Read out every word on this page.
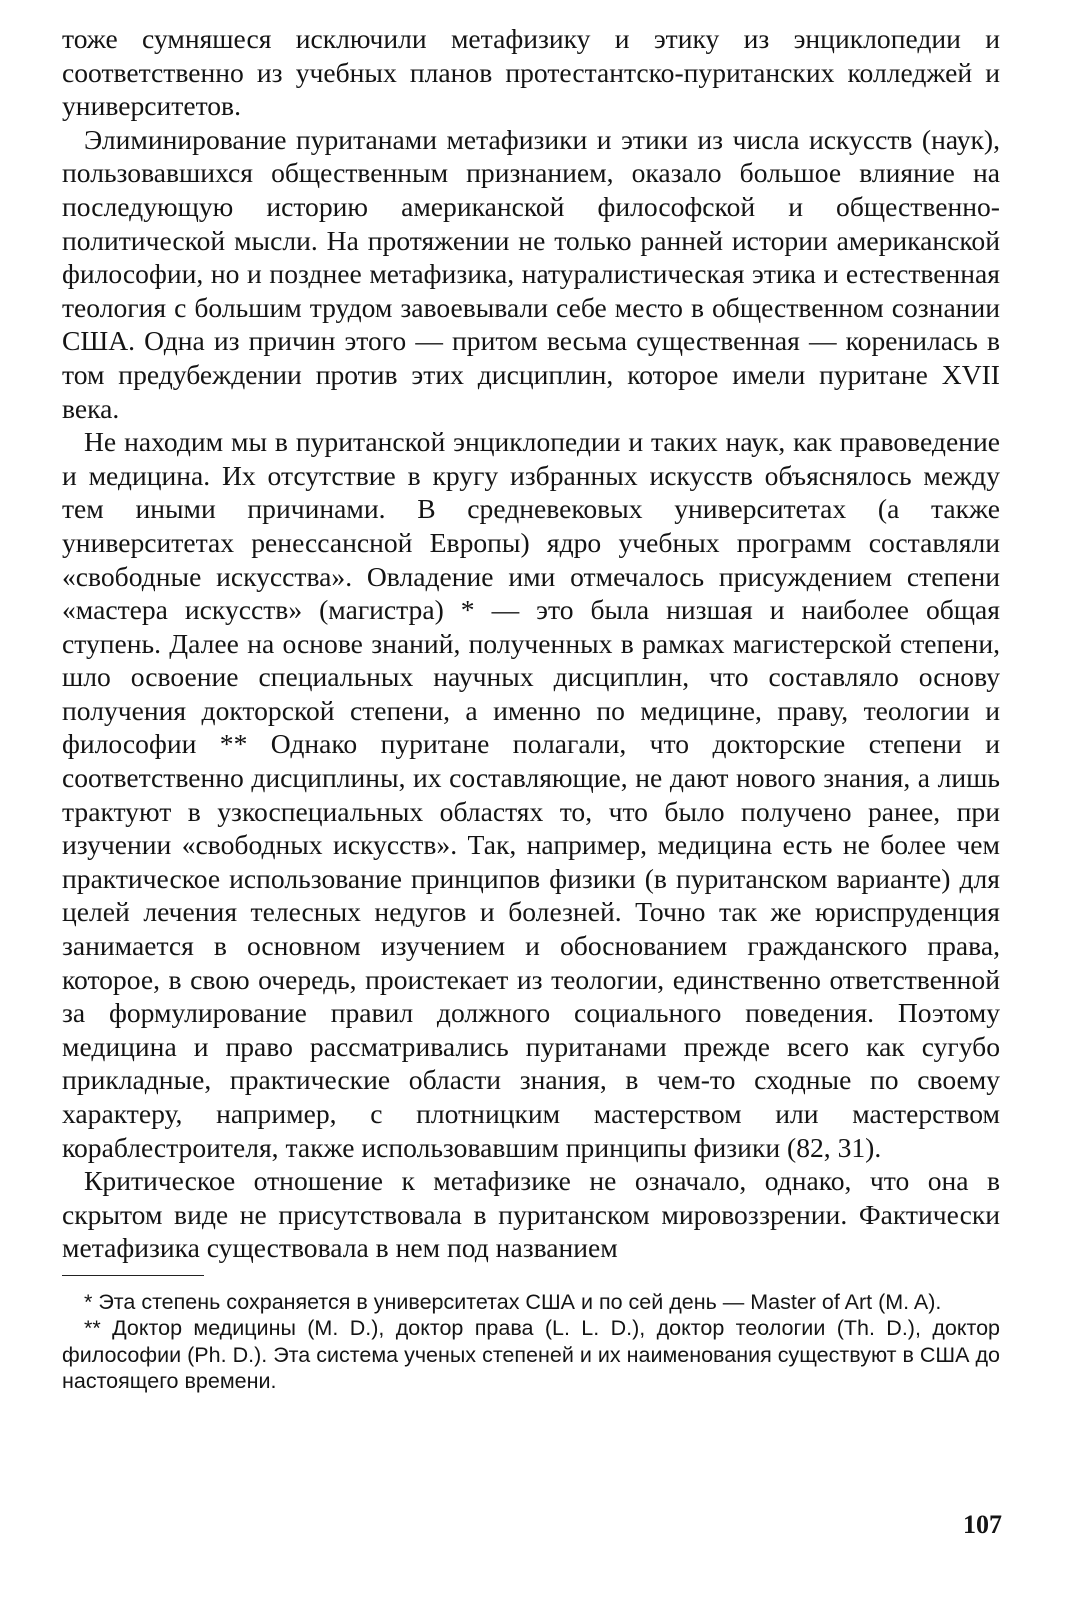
тоже сумняшеся исключили метафизику и этику из энциклопедии и соответственно из учебных планов протестантско-пуританских колледжей и университетов.

Элиминирование пуританами метафизики и этики из числа искусств (наук), пользовавшихся общественным признанием, оказало большое влияние на последующую историю американской философской и общественно-политической мысли. На протяжении не только ранней истории американской философии, но и позднее метафизика, натуралистическая этика и естественная теология с большим трудом завоевывали себе место в общественном сознании США. Одна из причин этого — притом весьма существенная — коренилась в том предубеждении против этих дисциплин, которое имели пуритане XVII века.

Не находим мы в пуританской энциклопедии и таких наук, как правоведение и медицина. Их отсутствие в кругу избранных искусств объяснялось между тем иными причинами. В средневековых университетах (а также университетах ренессансной Европы) ядро учебных программ составляли «свободные искусства». Овладение ими отмечалось присуждением степени «мастера искусств» (магистра) * — это была низшая и наиболее общая ступень. Далее на основе знаний, полученных в рамках магистерской степени, шло освоение специальных научных дисциплин, что составляло основу получения докторской степени, а именно по медицине, праву, теологии и философии ** Однако пуритане полагали, что докторские степени и соответственно дисциплины, их составляющие, не дают нового знания, а лишь трактуют в узкоспециальных областях то, что было получено ранее, при изучении «свободных искусств». Так, например, медицина есть не более чем практическое использование принципов физики (в пуританском варианте) для целей лечения телесных недугов и болезней. Точно так же юриспруденция занимается в основном изучением и обоснованием гражданского права, которое, в свою очередь, проистекает из теологии, единственно ответственной за формулирование правил должного социального поведения. Поэтому медицина и право рассматривались пуританами прежде всего как сугубо прикладные, практические области знания, в чем-то сходные по своему характеру, например, с плотницким мастерством или мастерством кораблестроителя, также использовавшим принципы физики (82, 31).

Критическое отношение к метафизике не означало, однако, что она в скрытом виде не присутствовала в пуританском мировоззрении. Фактически метафизика существовала в нем под названием

* Эта степень сохраняется в университетах США и по сей день — Master of Art (M. A).

** Доктор медицины (M. D.), доктор права (L. L. D.), доктор теологии (Th. D.), доктор философии (Ph. D.). Эта система ученых степеней и их наименования существуют в США до настоящего времени.

107
